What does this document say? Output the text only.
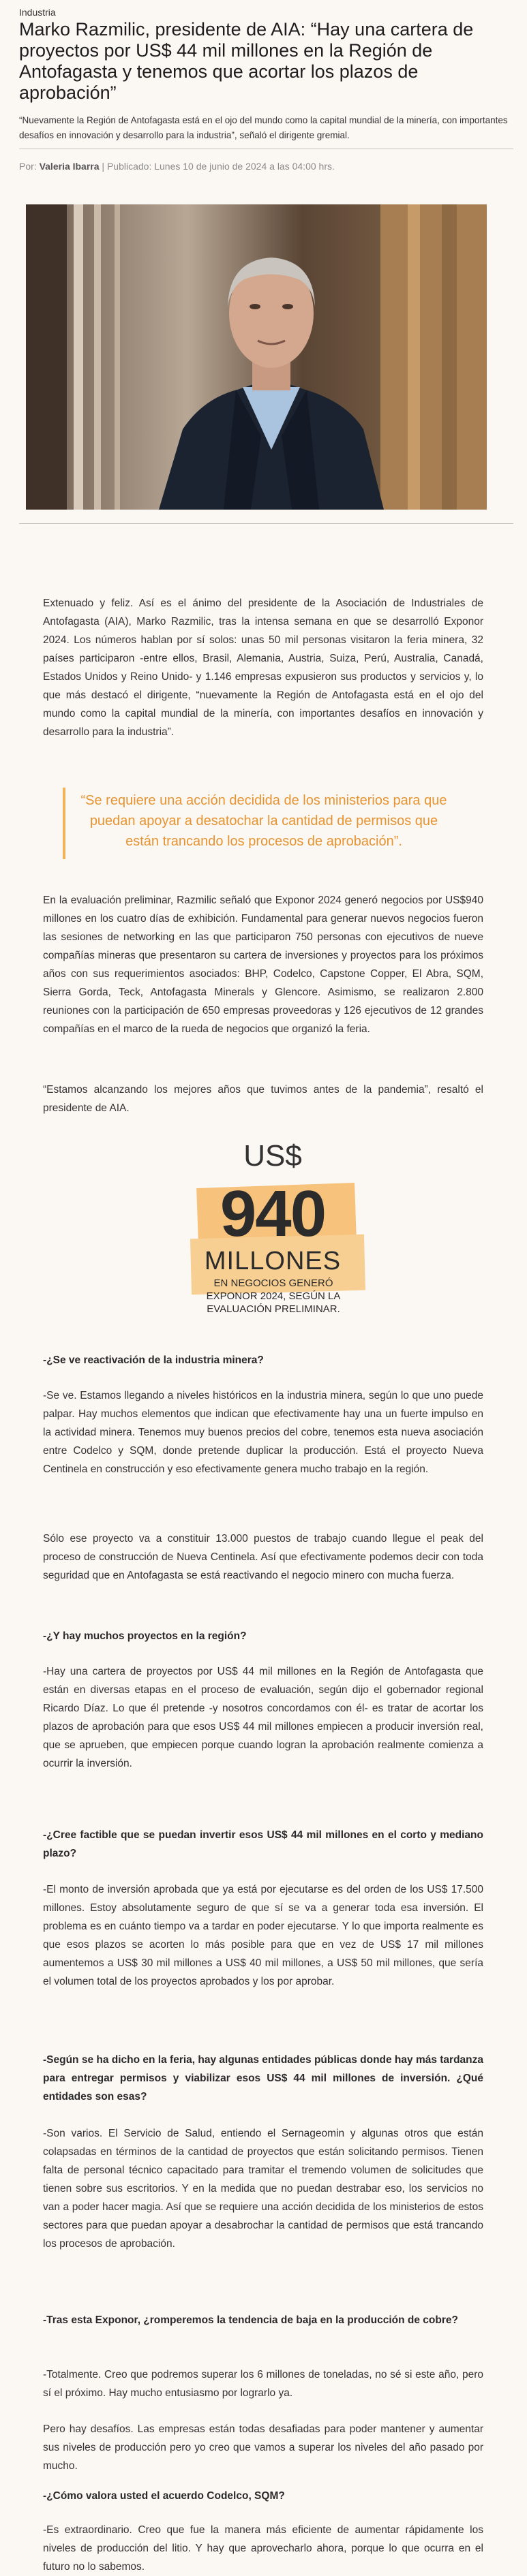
Industria
Marko Razmilic, presidente de AIA: “Hay una cartera de proyectos por US$ 44 mil millones en la Región de Antofagasta y tenemos que acortar los plazos de aprobación”

“Nuevamente la Región de Antofagasta está en el ojo del mundo como la capital mundial de la minería, con importantes desafíos en innovación y desarrollo para la industria”, señaló el dirigente gremial.

Por: Valeria Ibarra | Publicado: Lunes 10 de junio de 2024 a las 04:00 hrs.

Extenuado y feliz. Así es el ánimo del presidente de la Asociación de Industriales de Antofagasta (AIA), Marko Razmilic, tras la intensa semana en que se desarrolló Exponor 2024. Los números hablan por sí solos: unas 50 mil personas visitaron la feria minera, 32 países participaron -entre ellos, Brasil, Alemania, Austria, Suiza, Perú, Australia, Canadá, Estados Unidos y Reino Unido- y 1.146 empresas expusieron sus productos y servicios y, lo que más destacó el dirigente, “nuevamente la Región de Antofagasta está en el ojo del mundo como la capital mundial de la minería, con importantes desafíos en innovación y desarrollo para la industria”.

“Se requiere una acción decidida de los ministerios para que puedan apoyar a desatochar la cantidad de permisos que están trancando los procesos de aprobación”.

En la evaluación preliminar, Razmilic señaló que Exponor 2024 generó negocios por US$940 millones en los cuatro días de exhibición. Fundamental para generar nuevos negocios fueron las sesiones de networking en las que participaron 750 personas con ejecutivos de nueve compañías mineras que presentaron su cartera de inversiones y proyectos para los próximos años con sus requerimientos asociados: BHP, Codelco, Capstone Copper, El Abra, SQM, Sierra Gorda, Teck, Antofagasta Minerals y Glencore. Asimismo, se realizaron 2.800 reuniones con la participación de 650 empresas proveedoras y 126 ejecutivos de 12 grandes compañías en el marco de la rueda de negocios que organizó la feria.

“Estamos alcanzando los mejores años que tuvimos antes de la pandemia”, resaltó el presidente de AIA.

US$
940
MILLONES
EN NEGOCIOS GENERÓ EXPONOR 2024, SEGÚN LA EVALUACIÓN PRELIMINAR.

-¿Se ve reactivación de la industria minera?

-Se ve. Estamos llegando a niveles históricos en la industria minera, según lo que uno puede palpar. Hay muchos elementos que indican que efectivamente hay una un fuerte impulso en la actividad minera. Tenemos muy buenos precios del cobre, tenemos esta nueva asociación entre Codelco y SQM, donde pretende duplicar la producción. Está el proyecto Nueva Centinela en construcción y eso efectivamente genera mucho trabajo en la región.

Sólo ese proyecto va a constituir 13.000 puestos de trabajo cuando llegue el peak del proceso de construcción de Nueva Centinela. Así que efectivamente podemos decir con toda seguridad que en Antofagasta se está reactivando el negocio minero con mucha fuerza.

-¿Y hay muchos proyectos en la región?

-Hay una cartera de proyectos por US$ 44 mil millones en la Región de Antofagasta que están en diversas etapas en el proceso de evaluación, según dijo el gobernador regional Ricardo Díaz. Lo que él pretende -y nosotros concordamos con él- es tratar de acortar los plazos de aprobación para que esos US$ 44 mil millones empiecen a producir inversión real, que se aprueben, que empiecen porque cuando logran la aprobación realmente comienza a ocurrir la inversión.

-¿Cree factible que se puedan invertir esos US$ 44 mil millones en el corto y mediano plazo?

-El monto de inversión aprobada que ya está por ejecutarse es del orden de los US$ 17.500 millones. Estoy absolutamente seguro de que sí se va a generar toda esa inversión. El problema es en cuánto tiempo va a tardar en poder ejecutarse. Y lo que importa realmente es que esos plazos se acorten lo más posible para que en vez de US$ 17 mil millones aumentemos a US$ 30 mil millones a US$ 40 mil millones, a US$ 50 mil millones, que sería el volumen total de los proyectos aprobados y los por aprobar.

-Según se ha dicho en la feria, hay algunas entidades públicas donde hay más tardanza para entregar permisos y viabilizar esos US$ 44 mil millones de inversión. ¿Qué entidades son esas?

-Son varios. El Servicio de Salud, entiendo el Sernageomin y algunas otros que están colapsadas en términos de la cantidad de proyectos que están solicitando permisos. Tienen falta de personal técnico capacitado para tramitar el tremendo volumen de solicitudes que tienen sobre sus escritorios. Y en la medida que no puedan destrabar eso, los servicios no van a poder hacer magia. Así que se requiere una acción decidida de los ministerios de estos sectores para que puedan apoyar a desabrochar la cantidad de permisos que está trancando los procesos de aprobación.

-Tras esta Exponor, ¿romperemos la tendencia de baja en la producción de cobre?

-Totalmente. Creo que podremos superar los 6 millones de toneladas, no sé si este año, pero sí el próximo. Hay mucho entusiasmo por lograrlo ya.

Pero hay desafíos. Las empresas están todas desafiadas para poder mantener y aumentar sus niveles de producción pero yo creo que vamos a superar los niveles del año pasado por mucho.

-¿Cómo valora usted el acuerdo Codelco, SQM?

-Es extraordinario. Creo que fue la manera más eficiente de aumentar rápidamente los niveles de producción del litio. Y hay que aprovecharlo ahora, porque lo que ocurra en el futuro no lo sabemos.
